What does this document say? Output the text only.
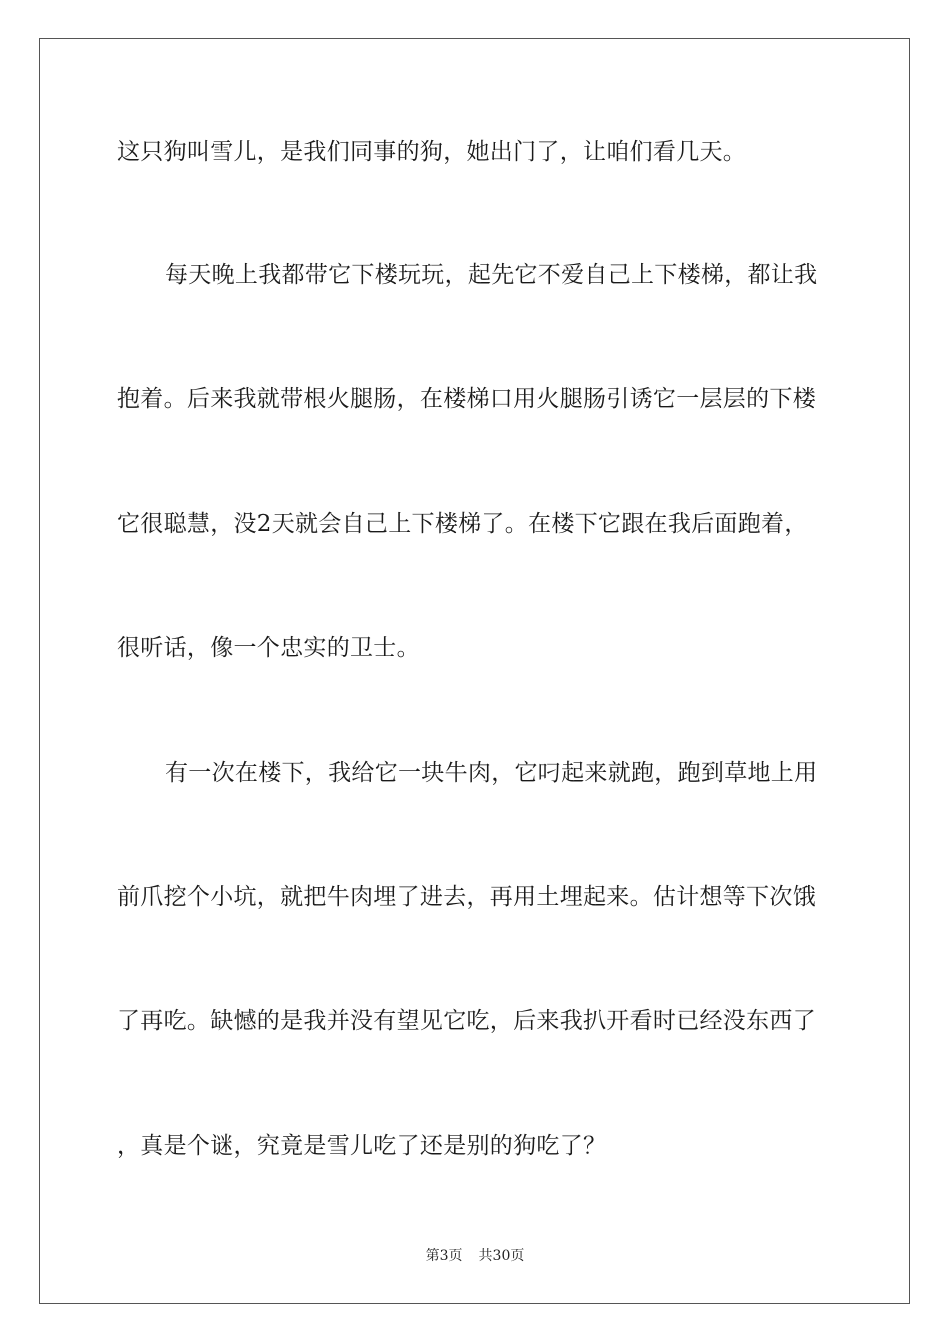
这只狗叫雪儿，是我们同事的狗，她出门了，让咱们看几天。
每天晚上我都带它下楼玩玩，起先它不爱自己上下楼梯，都让我
抱着。后来我就带根火腿肠，在楼梯口用火腿肠引诱它一层层的下楼
它很聪慧，没2天就会自己上下楼梯了。在楼下它跟在我后面跑着，
很听话，像一个忠实的卫士。
有一次在楼下，我给它一块牛肉，它叼起来就跑，跑到草地上用
前爪挖个小坑，就把牛肉埋了进去，再用土埋起来。估计想等下次饿
了再吃。缺憾的是我并没有望见它吃，后来我扒开看时已经没东西了
，真是个谜，究竟是雪儿吃了还是别的狗吃了？
第3页 共30页
